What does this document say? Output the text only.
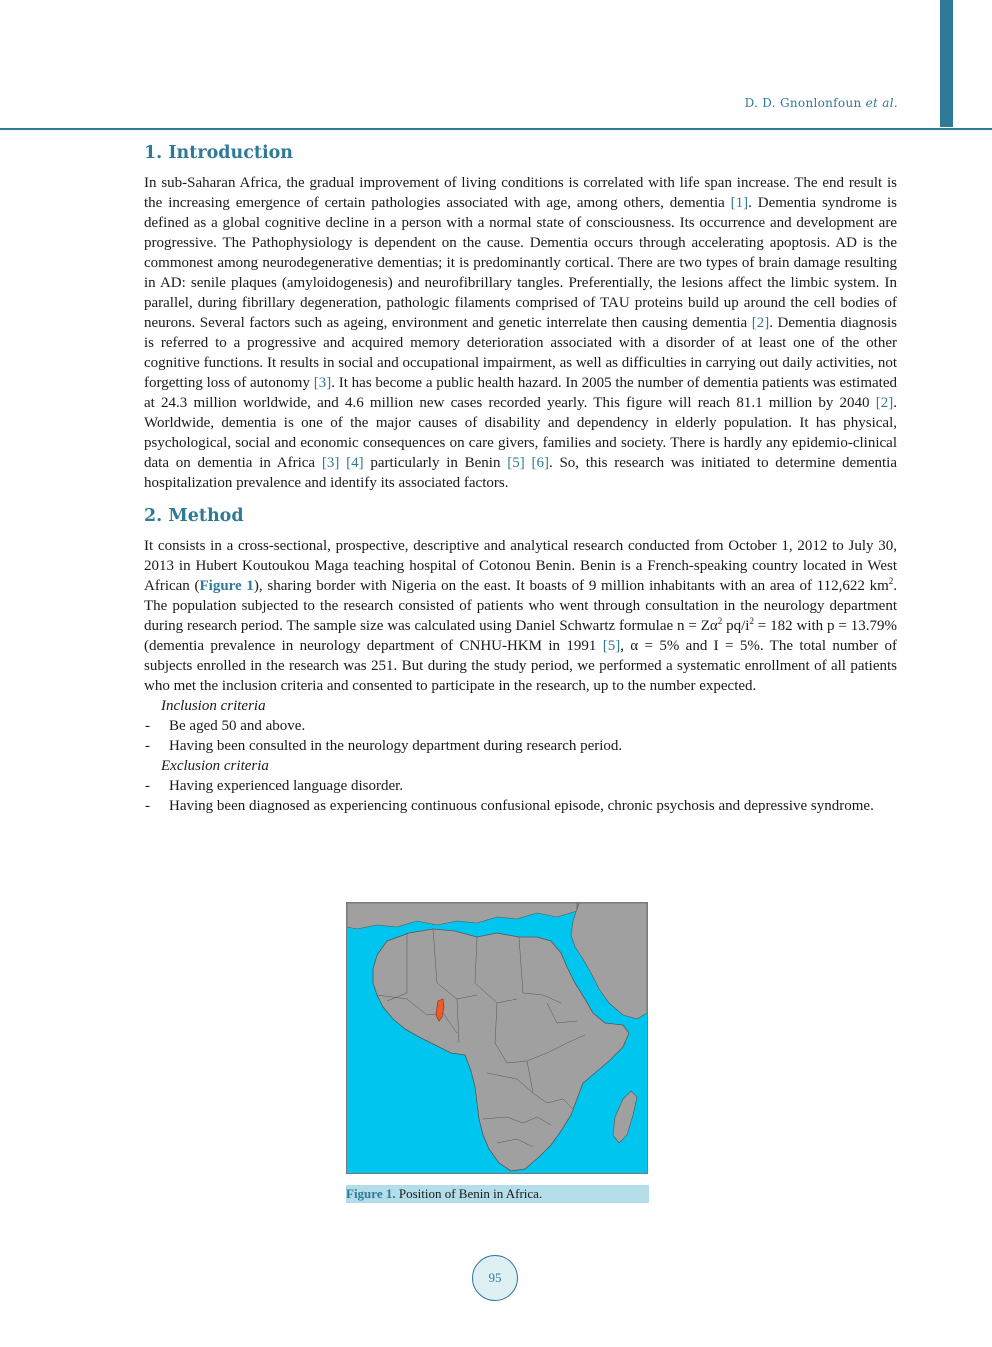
D. D. Gnonlonfoun et al.
1. Introduction

In sub-Saharan Africa, the gradual improvement of living conditions is correlated with life span increase. The end result is the increasing emergence of certain pathologies associated with age, among others, dementia [1]. Dementia syndrome is defined as a global cognitive decline in a person with a normal state of consciousness. Its occurrence and development are progressive. The Pathophysiology is dependent on the cause. Dementia occurs through accelerating apoptosis. AD is the commonest among neurodegenerative dementias; it is predominantly cortical. There are two types of brain damage resulting in AD: senile plaques (amyloidogenesis) and neurofibrillary tangles. Preferentially, the lesions affect the limbic system. In parallel, during fibrillary degeneration, pathologic filaments comprised of TAU proteins build up around the cell bodies of neurons. Several factors such as ageing, environment and genetic interrelate then causing dementia [2]. Dementia diagnosis is referred to a progressive and acquired memory deterioration associated with a disorder of at least one of the other cognitive functions. It results in social and occupational impairment, as well as difficulties in carrying out daily activities, not forgetting loss of autonomy [3]. It has become a public health hazard. In 2005 the number of dementia patients was estimated at 24.3 million worldwide, and 4.6 million new cases recorded yearly. This figure will reach 81.1 million by 2040 [2]. Worldwide, dementia is one of the major causes of disability and dependency in elderly population. It has physical, psychological, social and economic consequences on care givers, families and society. There is hardly any epidemio-clinical data on dementia in Africa [3] [4] particularly in Benin [5] [6]. So, this research was initiated to determine dementia hospitalization prevalence and identify its associated factors.

2. Method

It consists in a cross-sectional, prospective, descriptive and analytical research conducted from October 1, 2012 to July 30, 2013 in Hubert Koutoukou Maga teaching hospital of Cotonou Benin. Benin is a French-speaking country located in West African (Figure 1), sharing border with Nigeria on the east. It boasts of 9 million inhabitants with an area of 112,622 $km^2$. The population subjected to the research consisted of patients who went through consultation in the neurology department during research period. The sample size was calculated using Daniel Schwartz formulae $n = Z\alpha^2$ $pq/i^2 = 182$ with p = 13.79% (dementia prevalence in neurology department of CNHU-HKM in 1991 [5], α = 5% and I = 5%. The total number of subjects enrolled in the research was 251. But during the study period, we performed a systematic enrollment of all patients who met the inclusion criteria and consented to participate in the research, up to the number expected.

Inclusion criteria
- Be aged 50 and above.
- Having been consulted in the neurology department during research period.
Exclusion criteria
- Having experienced language disorder.
- Having been diagnosed as experiencing continuous confusional episode, chronic psychosis and depressive syndrome.
Figure 1. Position of Benin in Africa.
95
